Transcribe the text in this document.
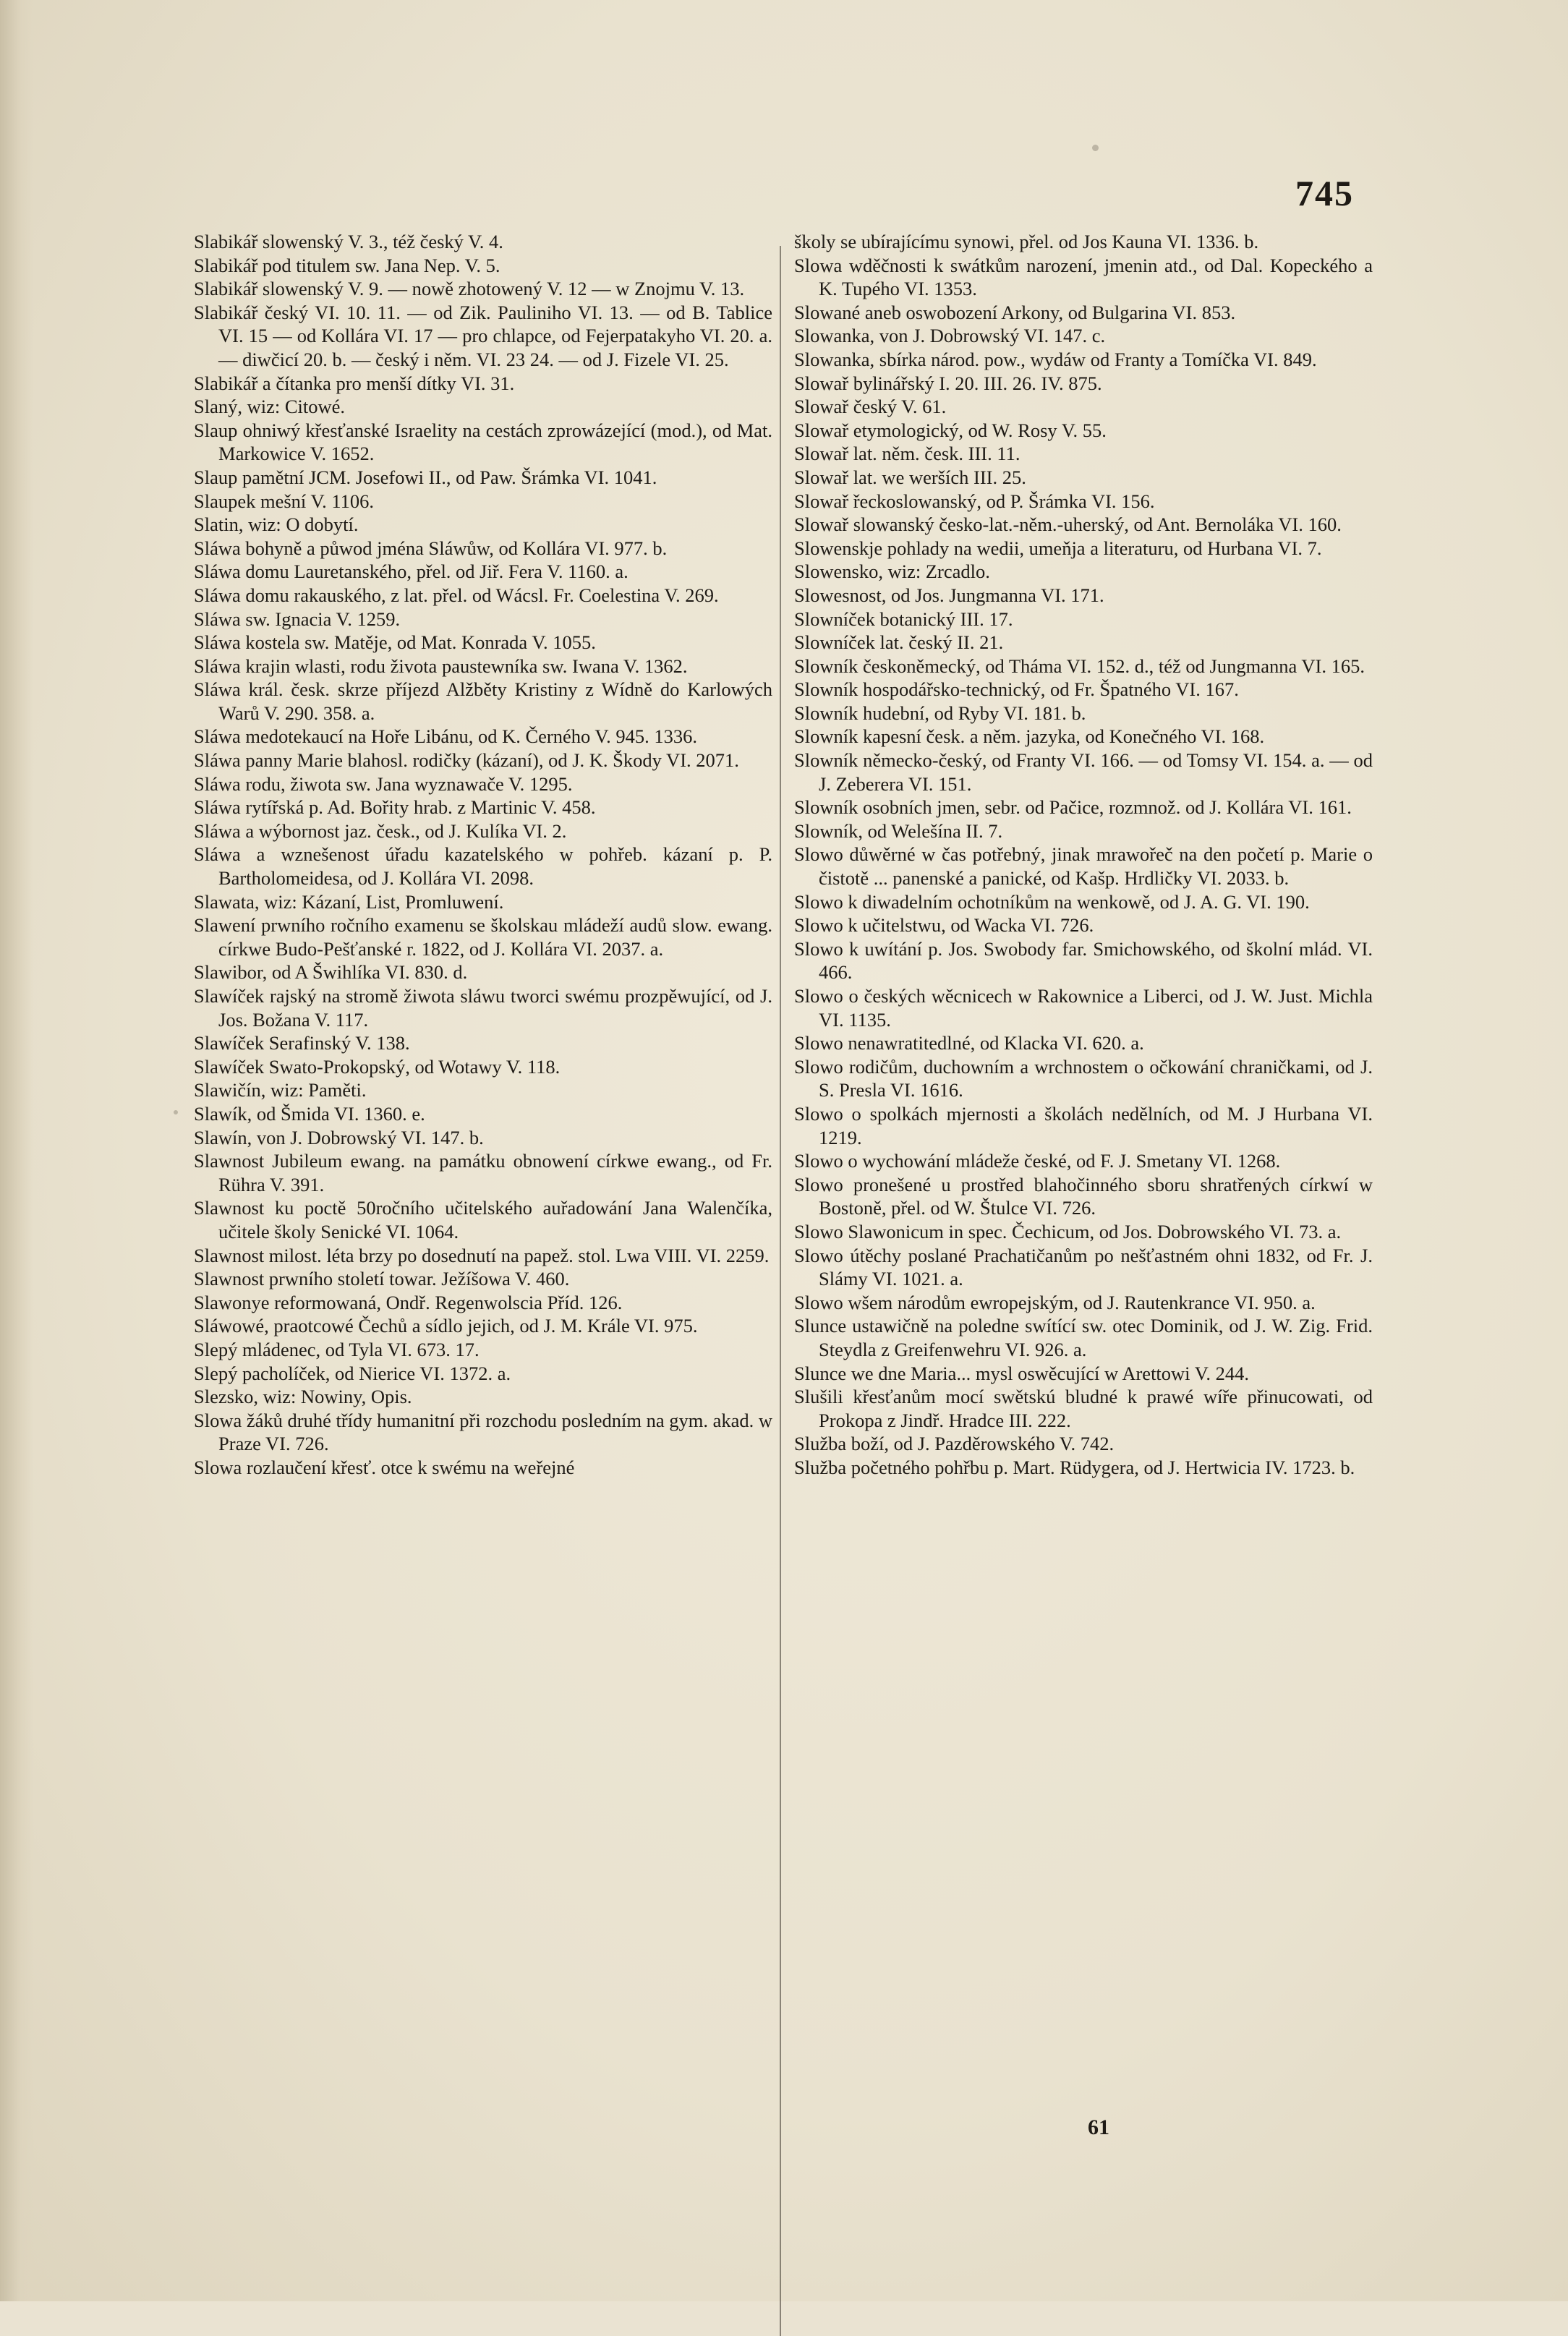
745
Slabikář slowenský V. 3., též český V. 4.
Slabikář pod titulem sw. Jana Nep. V. 5.
Slabikář slowenský V. 9. — nowě zhotowený V. 12 — w Znojmu V. 13.
Slabikář český VI. 10. 11. — od Zik. Pauliniho VI. 13. — od B. Tablice VI. 15 — od Kollára VI. 17 — pro chlapce, od Fejerpatakyho VI. 20. a. — diwčicí 20. b. — český i něm. VI. 23 24. — od J. Fizele VI. 25.
Slabikář a čítanka pro menší dítky VI. 31.
Slaný, wiz: Citowé.
Slaup ohniwý křesťanské Israelity na cestách zprowázející (mod.), od Mat. Markowice V. 1652.
Slaup pamětní JCM. Josefowi II., od Paw. Šrámka VI. 1041.
Slaupek mešní V. 1106.
Slatin, wiz: O dobytí.
Sláwa bohyně a půwod jména Sláwůw, od Kollára VI. 977. b.
Sláwa domu Lauretanského, přel. od Jiř. Fera V. 1160. a.
Sláwa domu rakauského, z lat. přel. od Wácsl. Fr. Coelestina V. 269.
Sláwa sw. Ignacia V. 1259.
Sláwa kostela sw. Matěje, od Mat. Konrada V. 1055.
Sláwa krajin wlasti, rodu života paustewníka sw. Iwana V. 1362.
Sláwa král. česk. skrze příjezd Alžběty Kristiny z Wídně do Karlowých Warů V. 290. 358. a.
Sláwa medotekaucí na Hoře Libánu, od K. Černého V. 945. 1336.
Sláwa panny Marie blahosl. rodičky (kázaní), od J. K. Škody VI. 2071.
Sláwa rodu, žiwota sw. Jana wyznawače V. 1295.
Sláwa rytířská p. Ad. Bořity hrab. z Martinic V. 458.
Sláwa a wýbornost jaz. česk., od J. Kulíka VI. 2.
Sláwa a wznešenost úřadu kazatelského w pohřeb. kázaní p. P. Bartholomeidesa, od J. Kollára VI. 2098.
Slawata, wiz: Kázaní, List, Promluwení.
Slawení prwního ročního examenu se školskau mládeží audů slow. ewang. církwe Budo-Pešťanské r. 1822, od J. Kollára VI. 2037. a.
Slawibor, od A Šwihlíka VI. 830. d.
Slawíček rajský na stromě žiwota sláwu tworci swému prozpěwující, od J. Jos. Božana V. 117.
Slawíček Serafinský V. 138.
Slawíček Swato-Prokopský, od Wotawy V. 118.
Slawičín, wiz: Paměti.
Slawík, od Šmida VI. 1360. e.
Slawín, von J. Dobrowský VI. 147. b.
Slawnost Jubileum ewang. na památku obnowení církwe ewang., od Fr. Rühra V. 391.
Slawnost ku poctě 50ročního učitelského auřadowání Jana Walenčíka, učitele školy Senické VI. 1064.
Slawnost milost. léta brzy po dosednutí na papež. stol. Lwa VIII. VI. 2259.
Slawnost prwního století towar. Ježíšowa V. 460.
Slawonye reformowaná, Ondř. Regenwolscia Příd. 126.
Sláwowé, praotcowé Čechů a sídlo jejich, od J. M. Krále VI. 975.
Slepý mládenec, od Tyla VI. 673. 17.
Slepý pacholíček, od Nierice VI. 1372. a.
Slezsko, wiz: Nowiny, Opis.
Slowa žáků druhé třídy humanitní při rozchodu posledním na gym. akad. w Praze VI. 726.
Slowa rozlaučení křesť. otce k swému na weřejné
školy se ubírajícímu synowi, přel. od Jos Kauna VI. 1336. b.
Slowa wděčnosti k swátkům narození, jmenin atd., od Dal. Kopeckého a K. Tupého VI. 1353.
Slowané aneb oswobození Arkony, od Bulgarina VI. 853.
Slowanka, von J. Dobrowský VI. 147. c.
Slowanka, sbírka národ. pow., wydáw od Franty a Tomíčka VI. 849.
Slowař bylinářský I. 20. III. 26. IV. 875.
Slowař český V. 61.
Slowař etymologický, od W. Rosy V. 55.
Slowař lat. něm. česk. III. 11.
Slowař lat. we werších III. 25.
Slowař řeckoslowanský, od P. Šrámka VI. 156.
Slowař slowanský česko-lat.-něm.-uherský, od Ant. Bernoláka VI. 160.
Slowenskje pohlady na wedii, umeňja a literaturu, od Hurbana VI. 7.
Slowensko, wiz: Zrcadlo.
Slowesnost, od Jos. Jungmanna VI. 171.
Slowníček botanický III. 17.
Slowníček lat. český II. 21.
Slowník českoněmecký, od Tháma VI. 152. d., též od Jungmanna VI. 165.
Slowník hospodářsko-technický, od Fr. Špatného VI. 167.
Slowník hudební, od Ryby VI. 181. b.
Slowník kapesní česk. a něm. jazyka, od Konečného VI. 168.
Slowník německo-český, od Franty VI. 166. — od Tomsy VI. 154. a. — od J. Zeberera VI. 151.
Slowník osobních jmen, sebr. od Pačice, rozmnož. od J. Kollára VI. 161.
Slowník, od Welešína II. 7.
Slowo důwěrné w čas potřebný, jinak mrawořeč na den početí p. Marie o čistotě ... panenské a panické, od Kašp. Hrdličky VI. 2033. b.
Slowo k diwadelním ochotníkům na wenkowě, od J. A. G. VI. 190.
Slowo k učitelstwu, od Wacka VI. 726.
Slowo k uwítání p. Jos. Swobody far. Smichowského, od školní mlád. VI. 466.
Slowo o českých wěcnicech w Rakownice a Liberci, od J. W. Just. Michla VI. 1135.
Slowo nenawratitedlné, od Klacka VI. 620. a.
Slowo rodičům, duchowním a wrchnostem o očkowání chraničkami, od J. S. Presla VI. 1616.
Slowo o spolkách mjernosti a školách nedělních, od M. J Hurbana VI. 1219.
Slowo o wychowání mládeže české, od F. J. Smetany VI. 1268.
Slowo pronešené u prostřed blahočinného sboru shratřených církwí w Bostoně, přel. od W. Štulce VI. 726.
Slowo Slawonicum in spec. Čechicum, od Jos. Dobrowského VI. 73. a.
Slowo útěchy poslané Prachatičanům po nešťastném ohni 1832, od Fr. J. Slámy VI. 1021. a.
Slowo wšem národům ewropejským, od J. Rautenkrance VI. 950. a.
Slunce ustawičně na poledne swítící sw. otec Dominik, od J. W. Zig. Frid. Steydla z Greifenwehru VI. 926. a.
Slunce we dne Maria... mysl oswěcující w Arettowi V. 244.
Slušili křesťanům mocí swětskú bludné k prawé wíře přinucowati, od Prokopa z Jindř. Hradce III. 222.
Služba boží, od J. Pazděrowského V. 742.
Služba početného pohřbu p. Mart. Rüdygera, od J. Hertwicia IV. 1723. b.
61
